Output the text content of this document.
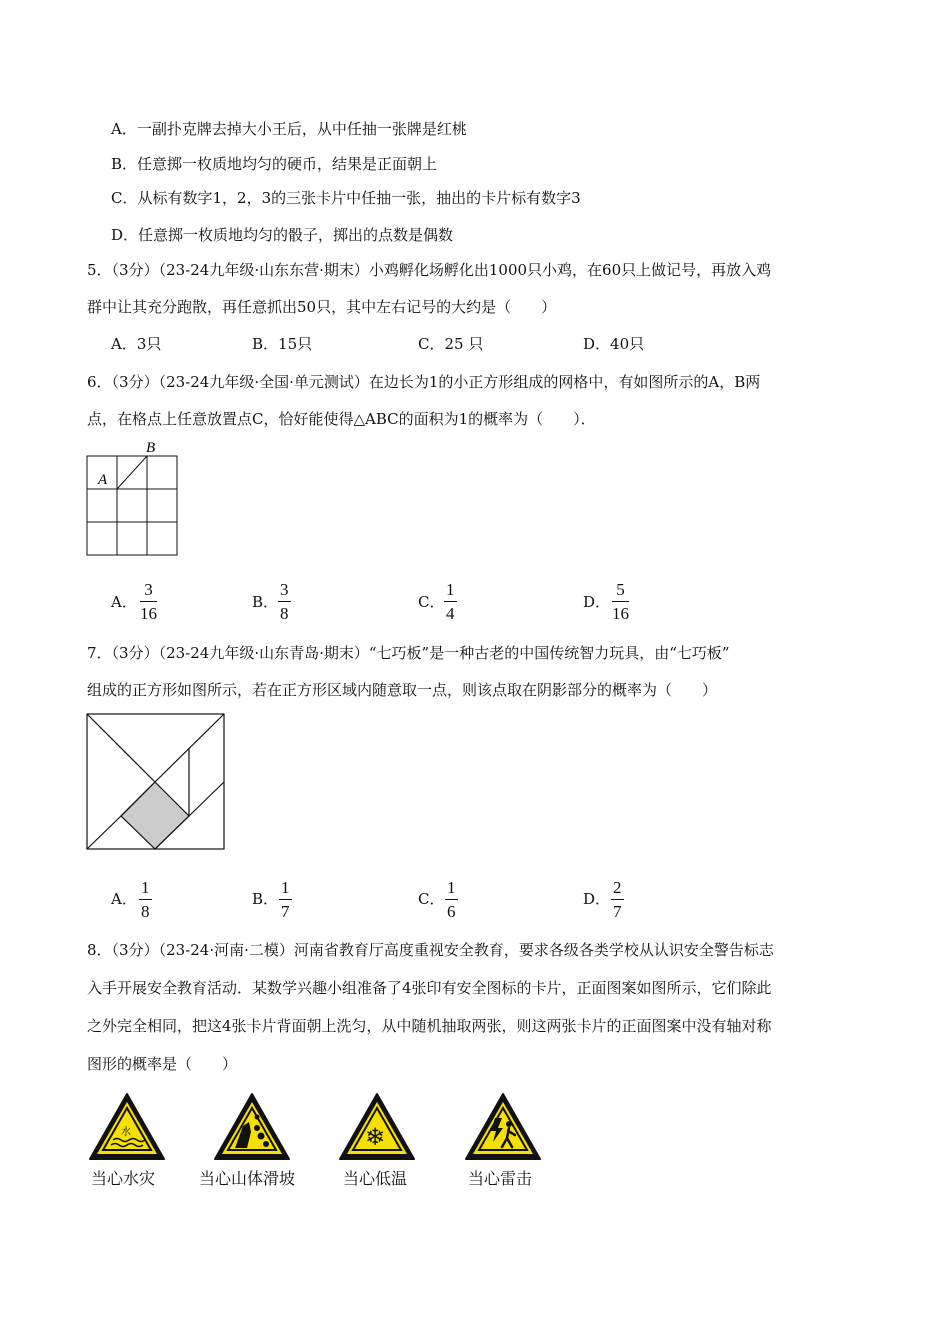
A．一副扑克牌去掉大小王后，从中任抽一张牌是红桃
B．任意掷一枚质地均匀的硬币，结果是正面朝上
C．从标有数字1，2，3的三张卡片中任抽一张，抽出的卡片标有数字3
D．任意掷一枚质地均匀的骰子，掷出的点数是偶数
5．（3分）（23-24九年级·山东东营·期末）小鸡孵化场孵化出1000只小鸡，在60只上做记号，再放入鸡
群中让其充分跑散，再任意抓出50只，其中左右记号的大约是（　　）
A．3只	B．15只	C．25 只	D．40只
6．（3分）（23-24九年级·全国·单元测试）在边长为1的小正方形组成的网格中，有如图所示的A，B两
点，在格点上任意放置点C，恰好能使得△ABC的面积为1的概率为（　　）．
A
B
A．
3
16
B．
3
8
C．
1
4
D．
5
16
7．（3分）（23-24九年级·山东青岛·期末）“七巧板”是一种古老的中国传统智力玩具，由“七巧板”
组成的正方形如图所示，若在正方形区域内随意取一点，则该点取在阴影部分的概率为（　　）
A．
1
8
B．
1
7
C．
1
6
D．
2
7
8．（3分）（23-24·河南·二模）河南省教育厅高度重视安全教育，要求各级各类学校从认识安全警告标志
入手开展安全教育活动．某数学兴趣小组准备了4张印有安全图标的卡片，正面图案如图所示，它们除此
之外完全相同，把这4张卡片背面朝上洗匀，从中随机抽取两张，则这两张卡片的正面图案中没有轴对称
图形的概率是（　　）
水
当心水灾	当心山体滑坡
❄
当心低温	当心雷击
